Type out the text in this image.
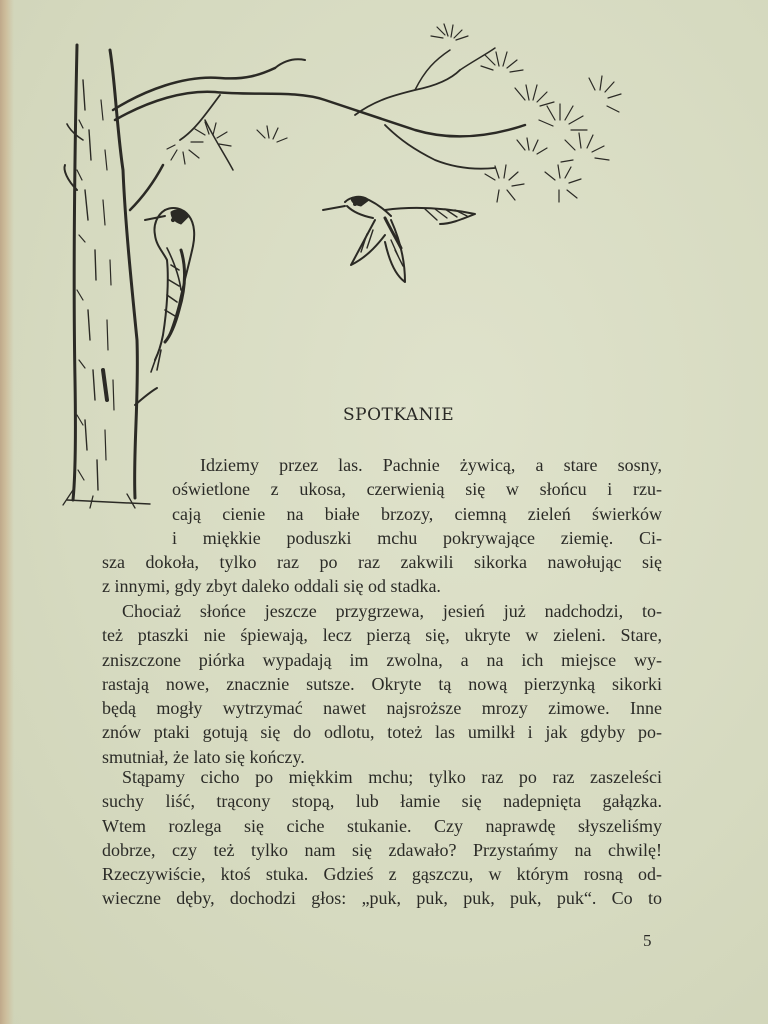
SPOTKANIE
Idziemy przez las. Pachnie żywicą, a stare sosny,
oświetlone z ukosa, czerwienią się w słońcu i rzu-
cają cienie na białe brzozy, ciemną zieleń świerków
i miękkie poduszki mchu pokrywające ziemię. Ci-
sza dokoła, tylko raz po raz zakwili sikorka nawołując się
z innymi, gdy zbyt daleko oddali się od stadka.
Chociaż słońce jeszcze przygrzewa, jesień już nadchodzi, to-
też ptaszki nie śpiewają, lecz pierzą się, ukryte w zieleni. Stare,
zniszczone piórka wypadają im zwolna, a na ich miejsce wy-
rastają nowe, znacznie sutsze. Okryte tą nową pierzynką sikorki
będą mogły wytrzymać nawet najsroższe mrozy zimowe. Inne
znów ptaki gotują się do odlotu, toteż las umilkł i jak gdyby po-
smutniał, że lato się kończy.
Stąpamy cicho po miękkim mchu; tylko raz po raz zaszeleści
suchy liść, trącony stopą, lub łamie się nadepnięta gałązka.
Wtem rozlega się ciche stukanie. Czy naprawdę słyszeliśmy
dobrze, czy też tylko nam się zdawało? Przystańmy na chwilę!
Rzeczywiście, ktoś stuka. Gdzieś z gąszczu, w którym rosną od-
wieczne dęby, dochodzi głos: „puk, puk, puk, puk, puk“. Co to
5
